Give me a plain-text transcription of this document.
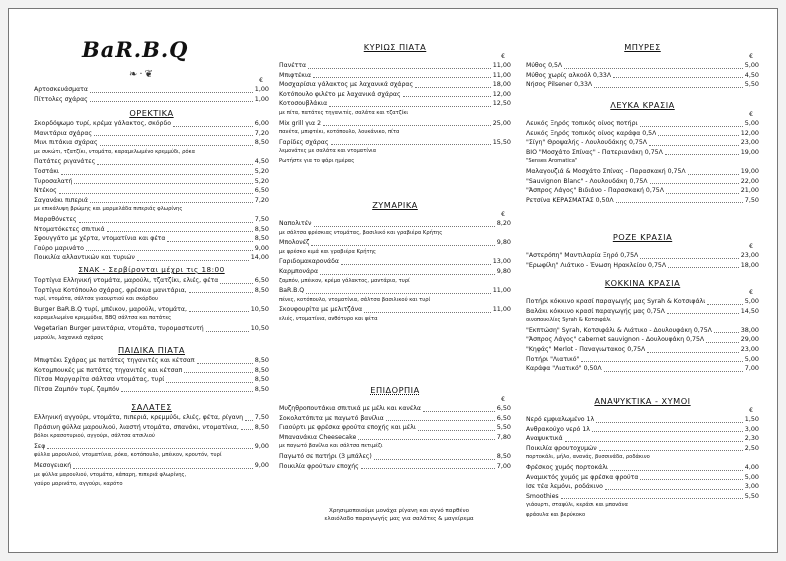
BaR.B.Q
❧·❦
€
Αρτοσκευάσματα	1,00
Πίττολες σχάρας	1,00
ΟΡΕΚΤΙΚΑ
Σκορδόψωμο τυρί, κρέμα γάλακτος, σκόρδο	6,00
Μανιτάρια σχάρας	7,20
Μινι πιτάκια σχάρας	8,50
με συκώτι, τζατζίκι, ντομάτα, καραμελωμένο κρεμμύδι, ρόκα
Πατάτες ριγανάτες	4,50
Τοστάκι	5,20
Τυροσαλατή	5,20
Ντέκος	6,50
Σαγανάκι πιπεριά	7,20
με επικάλυψη βρώμης και μαρμελάδα πιπεριάς φλωρίνης
Μαραθόνετες	7,50
Ντοματόκετες σπιτικά	8,50
Σφουγγάτο με χέρτα, ντοματίνια και φέτα	8,50
Γαύρο μαρινάτο	9,00
Ποικιλία αλλαντικών και τυριών	14,00
ΣΝΑΚ - Σερβίρονται μέχρι τις 18:00
Τορτίγια Ελληνική ντομάτα, μαρούλι, τζατζίκι, ελιές, φέτα	6,50
Τορτίγια Κοτόπουλο σχάρας, φρέσκια μανιτάρια,	8,50
τυρί, ντομάτα, σάλτσα γιαουρτιού και σκόρδου
Burger BaR.B.Q τυρί, μπέικον, μαρούλι, ντομάτα,	10,50
καραμελωμένα κρεμμύδια, BBQ σάλτσα και πατάτες
Vegetarian Burger μανιτάρια, ντομάτα, τυρομαστευτή	10,50
μαρούλι, λαχανικά σχάρας
ΠΑΙΔΙΚΑ ΠΙΑΤΑ
Μπιφτέκι Σχάρας με πατάτες τηγανιτές και κέτσαπ	8,50
Κοτομπουκές με πατάτες τηγανιτές και κέτσαπ	8,50
Πίτσα Μαργαρίτα σάλτσα ντομάτας, τυρί	8,50
Πίτσα Ζαμπόν τυρί, ζαμπόν	8,50
ΣΑΛΑΤΕΣ
Ελληνική αγγούρι, ντομάτα, πιπεριά, κρεμμύδι, ελιές, φέτα, ρίγανη 7,50
Πράσινη φύλλα μαρουλιού, λιαστή ντομάτα, σπανάκι, ντοματίνια, 8,50
βόλοι κρασοτυριού, αγγούρι, σάλτσα ατσιλιού
Σεφ	9,00
φύλλα μαρουλιού, ντοματίνια, ρόκα, κοτόπουλο, μπέικον, κρουτόν, τυρί
Μεσογειακή	9,00
με φύλλα μαρουλιού, ντομάτα, κάπαρη, πιπεριά φλωρίνης,
γαύρο μαρινάτο, αγγούρι, καρότο
ΚΥΡΙΩΣ ΠΙΑΤΑ
€
Πανέττα	11,00
Μπιφτέκια	11,00
Μοσχαρίσια γάλακτος με λαχανικά σχάρας	18,00
Κοτόπουλο φιλέτο με λαχανικά σχάρας	12,00
Κοτοσουβλάκια	12,50
με πίτα, πατάτες τηγανιτές, σαλάτα και τζατζίκι
Mix grill για 2	25,00
πανέτα, μπιφτέκι, κοτόπουλο, λουκάνικο, πίτα
Γαρίδες σχάρας	15,50
λεμονάτες με σαλάτα και ντοματίνια
Ρωτήστε για το ψάρι ημέρας
ΖΥΜΑΡΙΚΑ
€
Ναπολιτέν	8,20
με σάλτσα φρέσκιας ντομάτας, βασιλικό και γραβιέρα Κρήτης
Μπολονέζ	9,80
με φρέσκο κιμά και γραβιέρα Κρήτης
Γαριδομακαρονάδα	13,00
Καρμπονάρα	9,80
ζαμπόν, μπέικον, κρέμα γάλακτος, μαντάρια, τυρί
BaR.B.Q	11,00
πένες, κοτόπουλο, ντοματίνια, σάλτσα βασιλικού και τυρί
Σκουφουρίτα με μελιτζάνα	11,00
ελιές, ντοματίνια, ανθότυρο και φέτα
ΕΠΙΔΟΡΠΙΑ
€
Μυζηθροπουτάκια σπιτικά με μέλι και κανέλα	6,50
Σοκολατόπιτα με παγωτό βανίλια	6,50
Γιαούρτι με φρέσκα φρούτα εποχής και μέλι	5,50
Μπανανάκια Cheesecake	7,80
με παγωτό βανίλια και σάλτσα πετιμέζι
Παγωτό σε πατήρι (3 μπάλες)	8,50
Ποικιλία φρούτων εποχής	7,00
Χρησιμοποιούμε μονάχα ρίγανη και αγνό παρθένο
ελαιόλαδο παραγωγής μας για σαλάτες & μαγείρεμα
ΜΠΥΡΕΣ
€
Μύθος 0,5Λ	5,00
Μύθος χωρίς αλκοόλ 0,33Λ	4,50
Νήσος Pilsener 0,33Λ	5,50
ΛΕΥΚΑ ΚΡΑΣΙΑ
€
Λευκός Ξηρός τοπικός οίνος ποτήρι	5,00
Λευκός Ξηρός τοπικός οίνος καράφα 0,5Λ	12,00
"Σίγη" Θροψαλής - Λουλουδάκης 0,75Λ	23,00
BIO "Μοσχάτο Σπίνας" - Πατεριανάκη 0,75Λ	19,00
"Senses Aromatica"
Μαλαγουζιά & Μοσχάτο Σπίνας - Παρασκακή 0,75Λ	19,00
"Sauvignon Blanc" - Λουλουδάκη 0,75Λ	22,00
"Άσπρος Λάγος" Βιδιάνο - Παρασκακή 0,75Λ	21,00
Ρετσίνα ΚΕΡΑΣΜΑΤΑΣ 0,50Λ	7,50
ΡΟΖΕ ΚΡΑΣΙΑ
€
"Αστερόπη" Μαντιλαρία Ξηρό 0,75Λ	23,00
"Ερωφίλη" Λιάτικο - Ένωση Ηρακλείου 0,75Λ	18,00
ΚΟΚΚΙΝΑ ΚΡΑΣΙΑ
€
Ποτήρι κόκκινο κρασί παραγωγής μας Syrah & Κοτσιφάλι	5,00
Βαλάκι κόκκινο κρασί παραγωγής μας 0,75Λ	14,50
οινοποικιλίες Syrah & Κοτσιφάλι
"Εκπτώση" Syrah, Κοτσιφάλι & Λιάτικο - Δουλουφάκη 0,75Λ	38,00
"Άσπρος Λάγος" cabernet sauvignon - Δουλουφάκη 0,75Λ	29,00
"Κηφάς" Merlot - Παναγιωτακος 0,75Λ	23,00
Ποτήρι "Λιατικό"	5,00
Καράφα "Λιατικό" 0,50Λ	7,00
ΑΝΑΨΥΚΤΙΚΑ - ΧΥΜΟΙ
€
Νερό εμφιαλωμένο 1λ	1,50
Ανθρακούχο νερό 1λ	3,00
Αναψυκτικά	2,30
Ποικιλία φρουτοχυμών	2,50
πορτοκάλι, μήλο, ανανάς, βυσσινάδα, ροδάκινο
Φρέσκος χυμός πορτοκάλι	4,00
Αναμικτός χυμός με φρέσκα φρούτα	5,00
Ισε τέα λεμόνι, ροδάκινο	3,00
Smoothies	5,50
γιάουρτι, σταφύλι, κεράσι και μπανάνα
φράουλα και βερύκοκο
